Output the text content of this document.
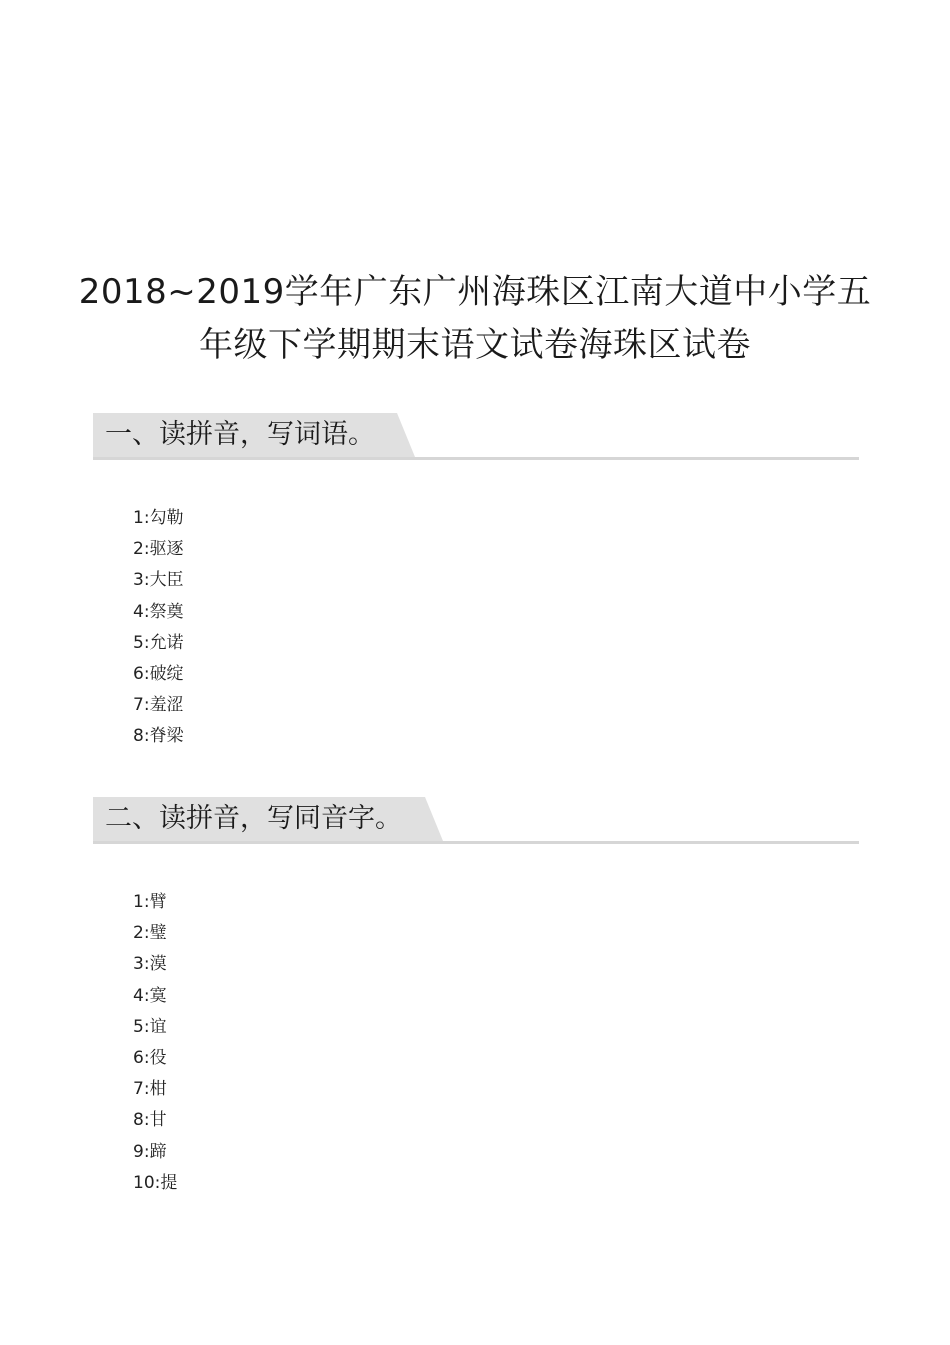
2018~2019学年广东广州海珠区江南大道中小学五
年级下学期期末语文试卷海珠区试卷
一、读拼音，写词语。
1:勾勒
2:驱逐
3:大臣
4:祭奠
5:允诺
6:破绽
7:羞涩
8:脊梁
二、读拼音，写同音字。
1:臂
2:璧
3:漠
4:寞
5:谊
6:役
7:柑
8:甘
9:蹄
10:提
